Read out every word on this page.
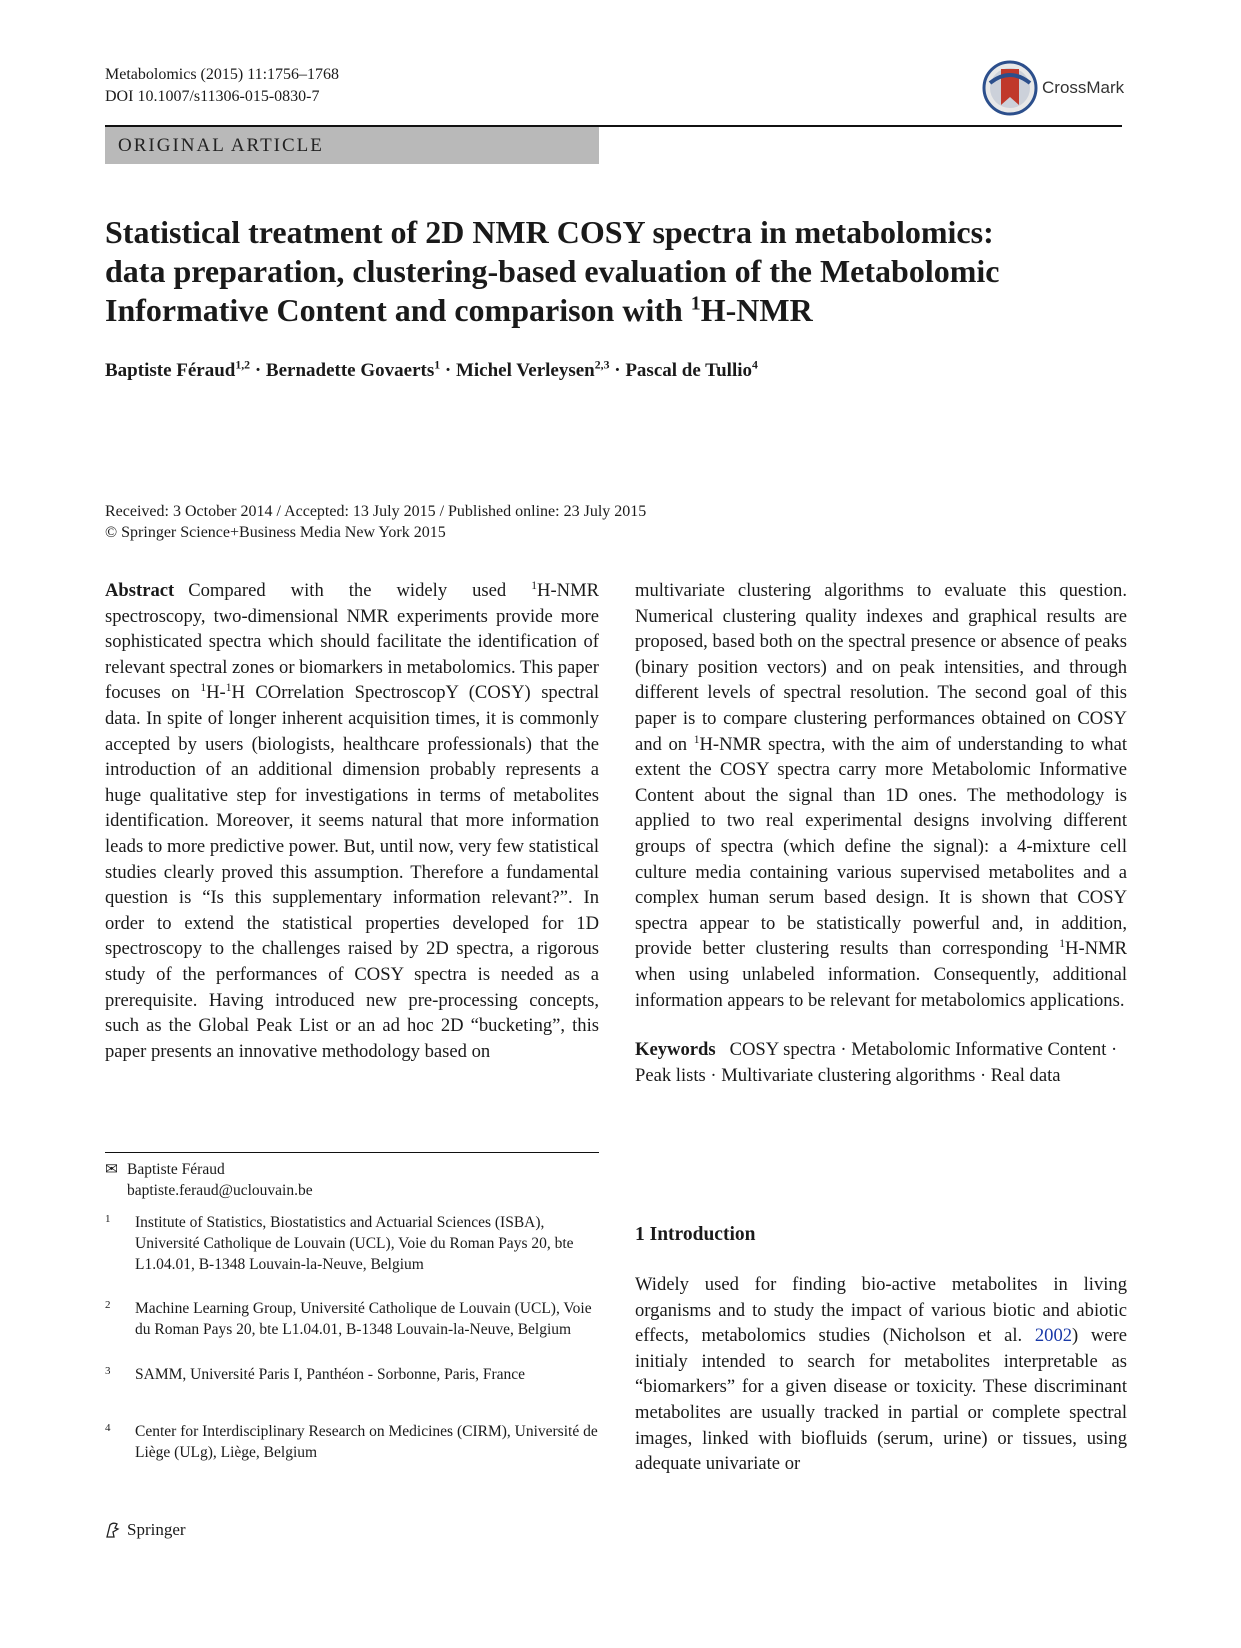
Metabolomics (2015) 11:1756–1768
DOI 10.1007/s11306-015-0830-7	CrossMark
ORIGINAL ARTICLE
Statistical treatment of 2D NMR COSY spectra in metabolomics:
data preparation, clustering-based evaluation of the Metabolomic
Informative Content and comparison with $^1$H-NMR
Baptiste Féraud$^{1,2}$ · Bernadette Govaerts$^1$ · Michel Verleysen$^{2,3}$ · Pascal de Tullio$^4$
Received: 3 October 2014 / Accepted: 13 July 2015 / Published online: 23 July 2015
© Springer Science+Business Media New York 2015

Abstract Compared with the widely used $^1$H-NMR spectroscopy, two-dimensional NMR experiments provide more sophisticated spectra which should facilitate the identification of relevant spectral zones or biomarkers in metabolomics. This paper focuses on $^1$H-$^1$H COrrelation SpectroscopY (COSY) spectral data. In spite of longer inherent acquisition times, it is commonly accepted by users (biologists, healthcare professionals) that the introduction of an additional dimension probably represents a huge qualitative step for investigations in terms of metabolites identification. Moreover, it seems natural that more information leads to more predictive power. But, until now, very few statistical studies clearly proved this assumption. Therefore a fundamental question is “Is this supplementary information relevant?”. In order to extend the statistical properties developed for 1D spectroscopy to the challenges raised by 2D spectra, a rigorous study of the performances of COSY spectra is needed as a prerequisite. Having introduced new pre-processing concepts, such as the Global Peak List or an ad hoc 2D “bucketing”, this paper presents an innovative methodology based on

multivariate clustering algorithms to evaluate this question. Numerical clustering quality indexes and graphical results are proposed, based both on the spectral presence or absence of peaks (binary position vectors) and on peak intensities, and through different levels of spectral resolution. The second goal of this paper is to compare clustering performances obtained on COSY and on $^1$H-NMR spectra, with the aim of understanding to what extent the COSY spectra carry more Metabolomic Informative Content about the signal than 1D ones. The methodology is applied to two real experimental designs involving different groups of spectra (which define the signal): a 4-mixture cell culture media containing various supervised metabolites and a complex human serum based design. It is shown that COSY spectra appear to be statistically powerful and, in addition, provide better clustering results than corresponding $^1$H-NMR when using unlabeled information. Consequently, additional information appears to be relevant for metabolomics applications.

Keywords COSY spectra · Metabolomic Informative Content · Peak lists · Multivariate clustering algorithms · Real data

✉ Baptiste Féraud
baptiste.feraud@uclouvain.be
1 Institute of Statistics, Biostatistics and Actuarial Sciences (ISBA), Université Catholique de Louvain (UCL), Voie du Roman Pays 20, bte L1.04.01, B-1348 Louvain-la-Neuve, Belgium
2 Machine Learning Group, Université Catholique de Louvain (UCL), Voie du Roman Pays 20, bte L1.04.01, B-1348 Louvain-la-Neuve, Belgium
3 SAMM, Université Paris I, Panthéon - Sorbonne, Paris, France
4 Center for Interdisciplinary Research on Medicines (CIRM), Université de Liège (ULg), Liège, Belgium
1 Introduction

Widely used for finding bio-active metabolites in living organisms and to study the impact of various biotic and abiotic effects, metabolomics studies (Nicholson et al. 2002) were initialy intended to search for metabolites interpretable as “biomarkers” for a given disease or toxicity. These discriminant metabolites are usually tracked in partial or complete spectral images, linked with biofluids (serum, urine) or tissues, using adequate univariate or

Springer
